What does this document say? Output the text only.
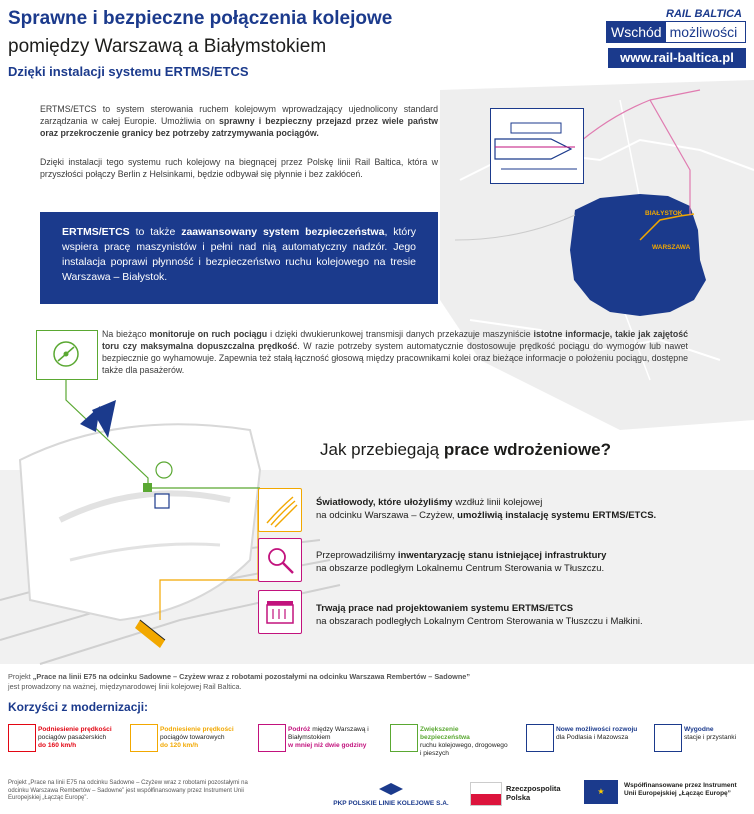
Sprawne i bezpieczne połączenia kolejowe
pomiędzy Warszawą a Białymstokiem
Dzięki instalacji systemu ERTMS/ETCS
RAIL BALTICA
Wschód możliwości
www.rail-baltica.pl
ERTMS/ETCS to system sterowania ruchem kolejowym wprowadzający ujednolicony standard zarządzania w całej Europie. Umożliwia on sprawny i bezpieczny przejazd przez wiele państw oraz przekroczenie granicy bez potrzeby zatrzymywania pociągów.
Dzięki instalacji tego systemu ruch kolejowy na biegnącej przez Polskę linii Rail Baltica, która w przyszłości połączy Berlin z Helsinkami, będzie odbywał się płynnie i bez zakłóceń.
BIAŁYSTOK
WARSZAWA
ERTMS/ETCS to także zaawansowany system bezpieczeństwa, który wspiera pracę maszynistów i pełni nad nią automatyczny nadzór. Jego instalacja poprawi płynność i bezpieczeństwo ruchu kolejowego na tresie Warszawa – Białystok.
Na bieżąco monitoruje on ruch pociągu i dzięki dwukierunkowej transmisji danych przekazuje maszyniście istotne informacje, takie jak zajętość toru czy maksymalna dopuszczalna prędkość. W razie potrzeby system automatycznie dostosowuje prędkość pociągu do wymogów lub nawet bezpiecznie go wyhamowuje. Zapewnia też stałą łączność głosową między pracownikami kolei oraz bieżące informacje o położeniu pociągu, dostępne także dla pasażerów.
Jak przebiegają prace wdrożeniowe?
Światłowody, które ułożyliśmy wzdłuż linii kolejowej
na odcinku Warszawa – Czyżew, umożliwią instalację systemu ERTMS/ETCS.
Przeprowadziliśmy inwentaryzację stanu istniejącej infrastruktury
na obszarze podległym Lokalnemu Centrum Sterowania w Tłuszczu.
Trwają prace nad projektowaniem systemu ERTMS/ETCS
na obszarach podległych Lokalnym Centrom Sterowania w Tłuszczu i Małkini.
Projekt „Prace na linii E75 na odcinku Sadowne – Czyżew wraz z robotami pozostałymi na odcinku Warszawa Rembertów – Sadowne”
jest prowadzony na ważnej, międzynarodowej linii kolejowej Rail Baltica.
Korzyści z modernizacji:
Podniesienie prędkości
pociągów pasażerskich
do 160 km/h
Podniesienie prędkości
pociągów towarowych
do 120 km/h
Podróż między Warszawą i Białymstokiem
w mniej niż dwie godziny
Zwiększenie bezpieczeństwa
ruchu kolejowego, drogowego i pieszych
Nowe możliwości rozwoju
dla Podlasia i Mazowsza
Wygodne
stacje i przystanki
Projekt „Prace na linii E75 na odcinku Sadowne – Czyżew wraz z robotami pozostałymi na odcinku Warszawa Rembertów – Sadowne” jest współfinansowany przez Instrument Unii Europejskiej „Łącząc Europę”.
PKP POLSKIE LINIE KOLEJOWE S.A.
Rzeczpospolita
Polska
★
Współfinansowane przez Instrument Unii Europejskiej „Łącząc Europę”
